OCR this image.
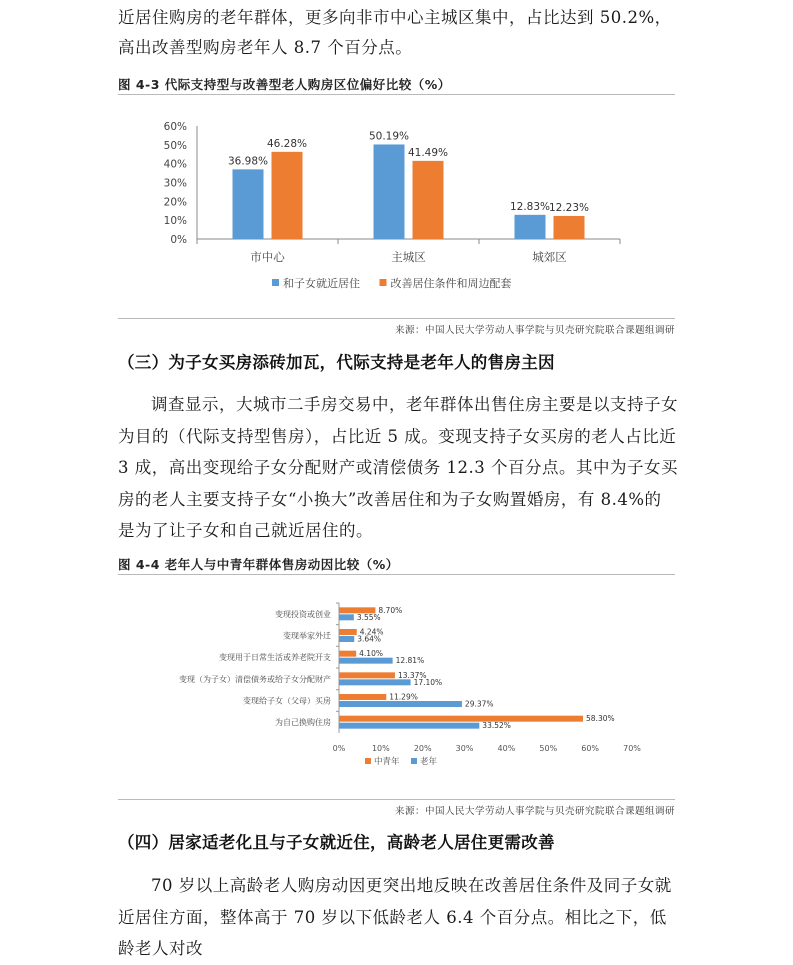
近居住购房的老年群体，更多向非市中心主城区集中，占比达到 50.2%，高出改善型购房老年人 8.7 个百分点。

图 4-3 代际支持型与改善型老人购房区位偏好比较（%）
0%
10%
20%
30%
40%
50%
60%
市中心	主城区	城郊区
36.98%
46.28%
50.19%
41.49%
12.83%
12.23%
和子女就近居住	改善居住条件和周边配套
来源：中国人民大学劳动人事学院与贝壳研究院联合课题组调研
（三）为子女买房添砖加瓦，代际支持是老年人的售房主因

调查显示，大城市二手房交易中，老年群体出售住房主要是以支持子女为目的（代际支持型售房），占比近 5 成。变现支持子女买房的老人占比近 3 成，高出变现给子女分配财产或清偿债务 12.3 个百分点。其中为子女买房的老人主要支持子女“小换大”改善居住和为子女购置婚房，有 8.4%的是为了让子女和自己就近居住的。

图 4-4 老年人与中青年群体售房动因比较（%）
0%	10%	20%	30%	40%	50%	60%	70%
变现投资或创业
变现举家外迁
变现用于日常生活或养老院开支
变现（为子女）清偿债务或给子女分配财产
变现给子女（父母）买房
为自己换购住房
8.70%
3.55%
4.24%
3.64%
4.10%
12.81%
13.37%
17.10%
11.29%
29.37%
58.30%
33.52%
中青年 老年
来源：中国人民大学劳动人事学院与贝壳研究院联合课题组调研
（四）居家适老化且与子女就近住，高龄老人居住更需改善

70 岁以上高龄老人购房动因更突出地反映在改善居住条件及同子女就近居住方面，整体高于 70 岁以下低龄老人 6.4 个百分点。相比之下，低龄老人对改
